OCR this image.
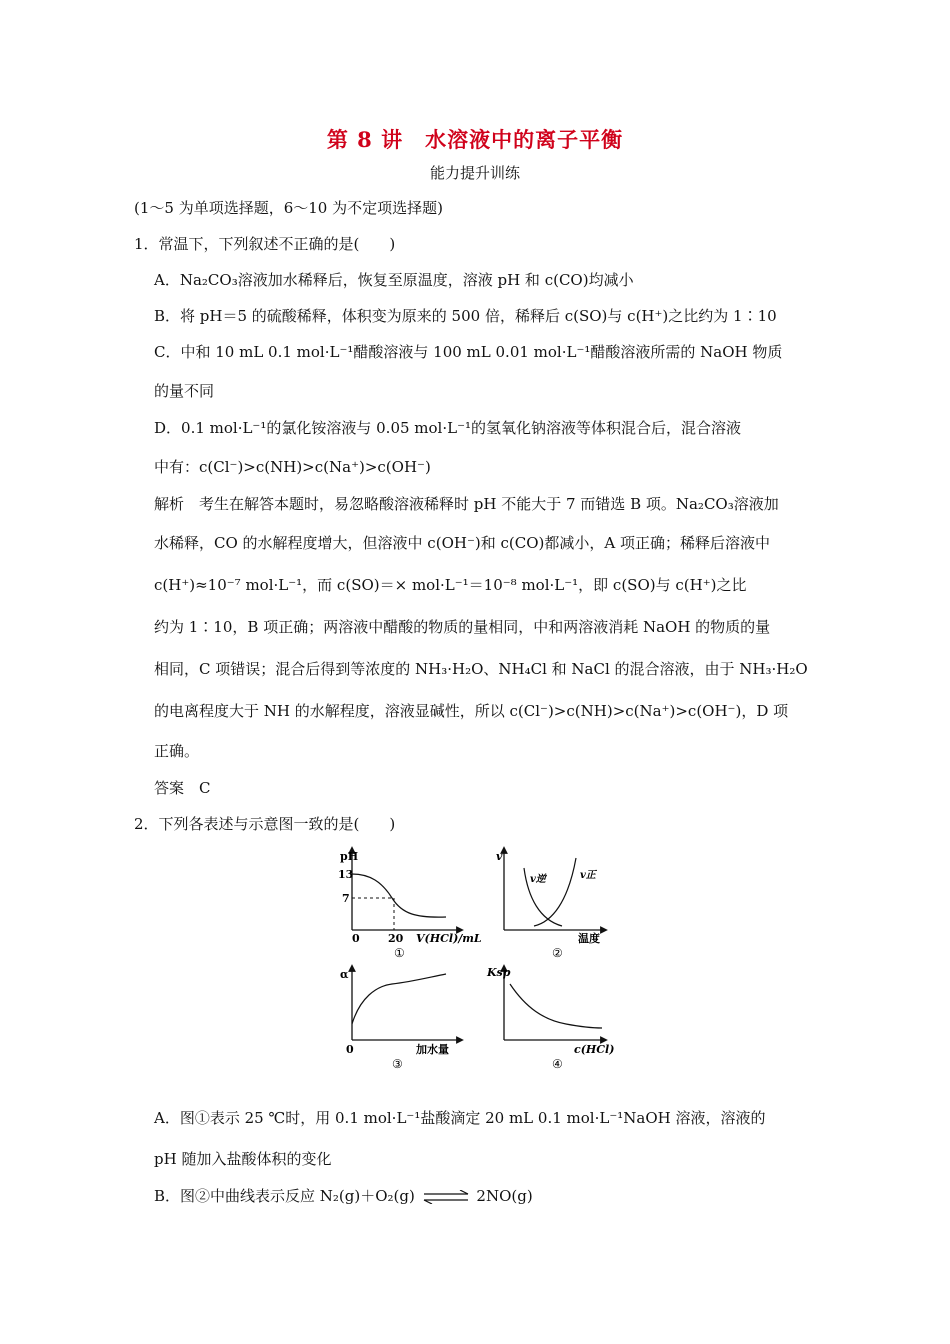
第 8 讲　水溶液中的离子平衡
能力提升训练
(1～5 为单项选择题，6～10 为不定项选择题)
1．常温下，下列叙述不正确的是(　　)
A．Na₂CO₃溶液加水稀释后，恢复至原温度，溶液 pH 和 c(CO)均减小
B．将 pH＝5 的硫酸稀释，体积变为原来的 500 倍，稀释后 c(SO)与 c(H⁺)之比约为 1∶10
C．中和 10 mL 0.1 mol·L⁻¹醋酸溶液与 100 mL 0.01 mol·L⁻¹醋酸溶液所需的 NaOH 物质
的量不同
D．0.1 mol·L⁻¹的氯化铵溶液与 0.05 mol·L⁻¹的氢氧化钠溶液等体积混合后，混合溶液
中有：c(Cl⁻)>c(NH)>c(Na⁺)>c(OH⁻)
解析　考生在解答本题时，易忽略酸溶液稀释时 pH 不能大于 7 而错选 B 项。Na₂CO₃溶液加
水稀释，CO 的水解程度增大，但溶液中 c(OH⁻)和 c(CO)都减小，A 项正确；稀释后溶液中
c(H⁺)≈10⁻⁷ mol·L⁻¹，而 c(SO)＝× mol·L⁻¹＝10⁻⁸ mol·L⁻¹，即 c(SO)与 c(H⁺)之比
约为 1∶10，B 项正确；两溶液中醋酸的物质的量相同，中和两溶液消耗 NaOH 的物质的量
相同，C 项错误；混合后得到等浓度的 NH₃·H₂O、NH₄Cl 和 NaCl 的混合溶液，由于 NH₃·H₂O
的电离程度大于 NH 的水解程度，溶液显碱性，所以 c(Cl⁻)>c(NH)>c(Na⁺)>c(OH⁻)，D 项
正确。
答案　C
2．下列各表述与示意图一致的是(　　)
pH
13
7
0	20 V(HCl)/mL
①
v
v逆	v正
温度
②
α
0	加水量
③
Ksp
c(HCl)
④
A．图①表示 25 ℃时，用 0.1 mol·L⁻¹盐酸滴定 20 mL 0.1 mol·L⁻¹NaOH 溶液，溶液的
pH 随加入盐酸体积的变化
B．图②中曲线表示反应 N₂(g)＋O₂(g) ⇌ 2NO(g)
